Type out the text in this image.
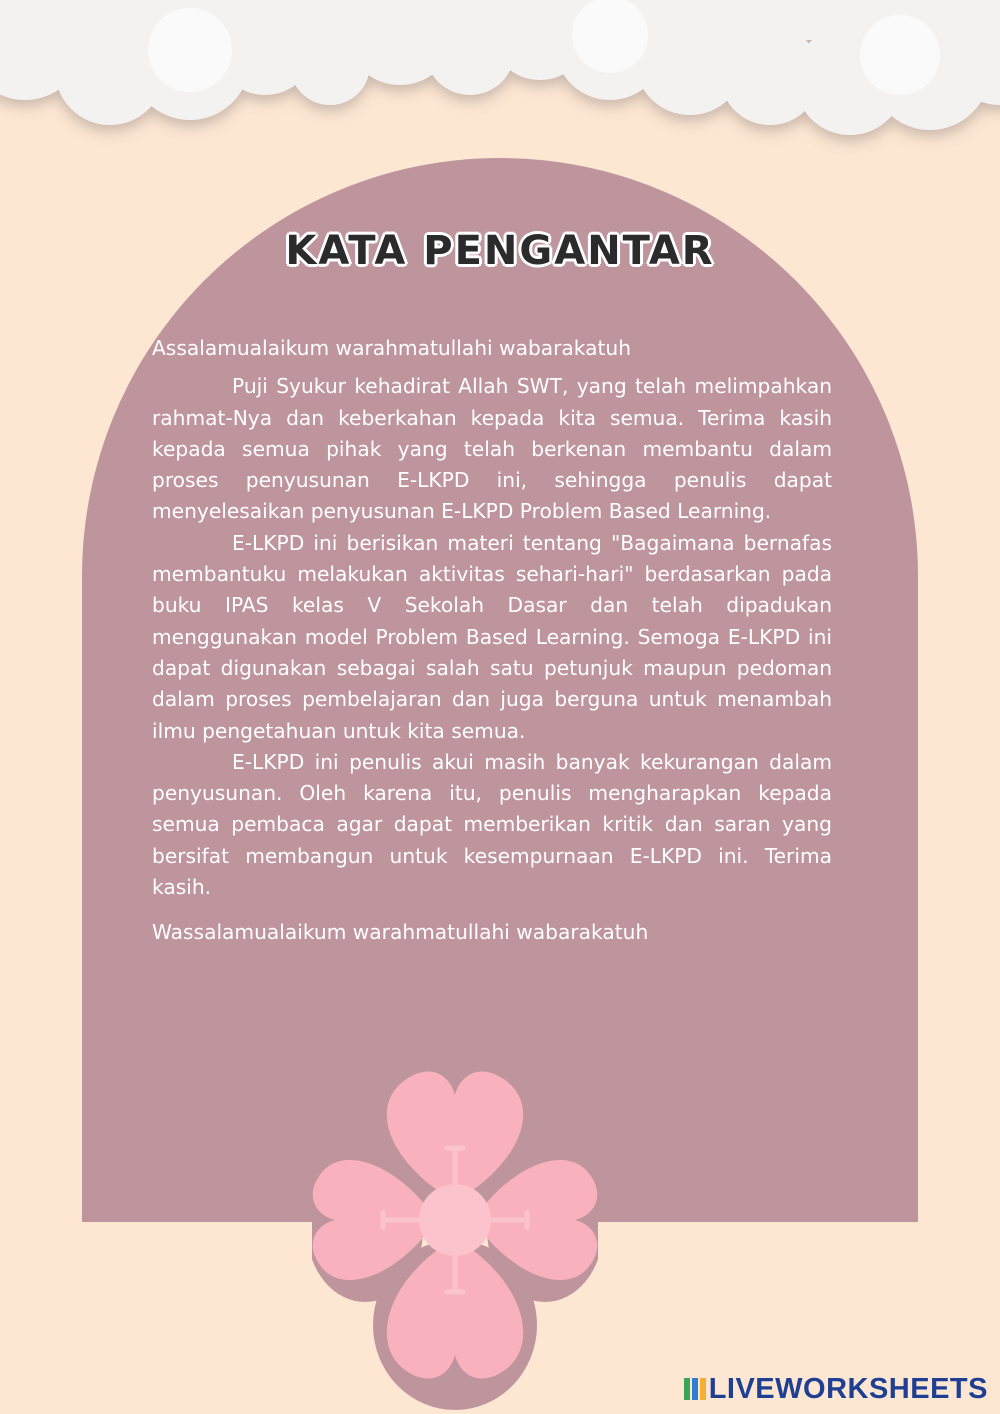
KATA PENGANTAR

Assalamualaikum warahmatullahi wabarakatuh

Puji Syukur kehadirat Allah SWT, yang telah melimpahkan rahmat-Nya dan keberkahan kepada kita semua. Terima kasih kepada semua pihak yang telah berkenan membantu dalam proses penyusunan E-LKPD ini, sehingga penulis dapat menyelesaikan penyusunan E-LKPD Problem Based Learning.

E-LKPD ini berisikan materi tentang "Bagaimana bernafas membantuku melakukan aktivitas sehari-hari" berdasarkan pada buku IPAS kelas V Sekolah Dasar dan telah dipadukan menggunakan model Problem Based Learning. Semoga E-LKPD ini dapat digunakan sebagai salah satu petunjuk maupun pedoman dalam proses pembelajaran dan juga berguna untuk menambah ilmu pengetahuan untuk kita semua.

E-LKPD ini penulis akui masih banyak kekurangan dalam penyusunan. Oleh karena itu, penulis mengharapkan kepada semua pembaca agar dapat memberikan kritik dan saran yang bersifat membangun untuk kesempurnaan E-LKPD ini. Terima kasih.

Wassalamualaikum warahmatullahi wabarakatuh

LIVEWORKSHEETS
